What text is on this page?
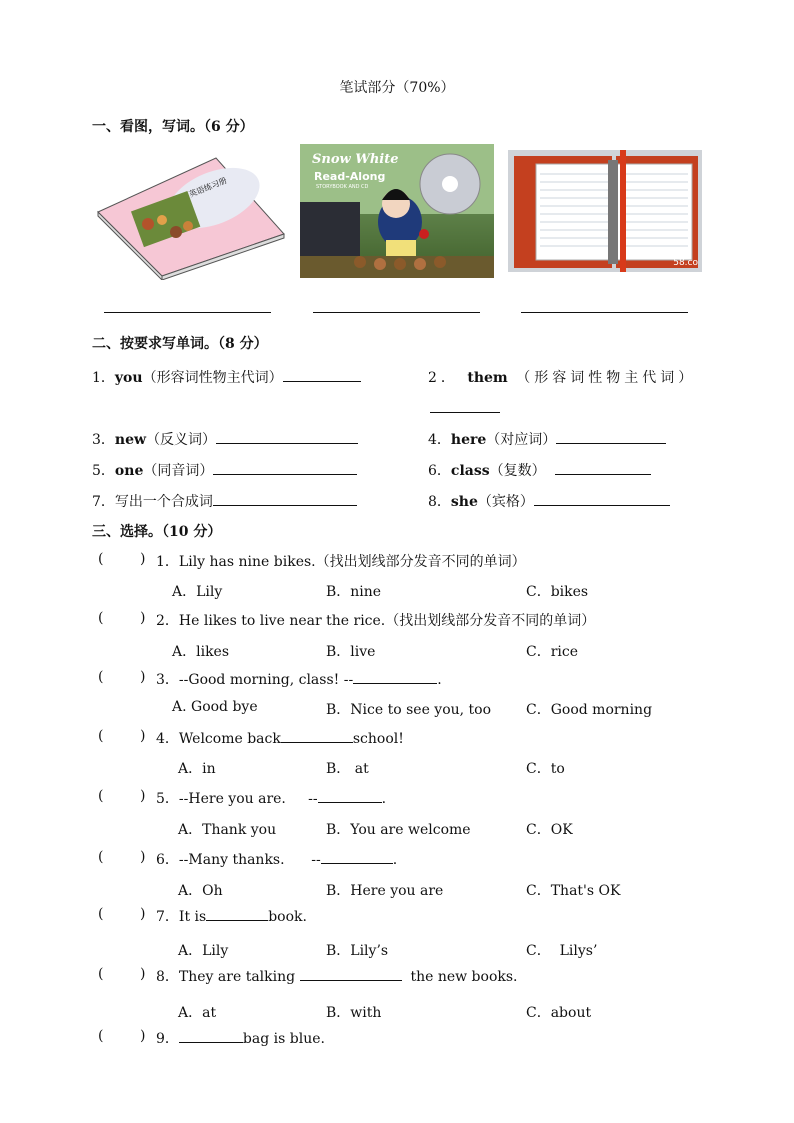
笔试部分（70%）
一、看图，写词。（6 分）
英语练习册
Snow White
Read-Along
STORYBOOK AND CD
58.co
二、按要求写单词。（8 分）
1．you（形容词性物主代词）	2． them （形容词性物主代词）
3．new（反义词）	4．here（对应词）
5．one（同音词）	6．class（复数）
7．写出一个合成词	8．she（宾格）
三、选择。（10 分）
(	) 1．Lily has nine bikes.（找出划线部分发音不同的单词）
A．Lily	B．nine	C．bikes
(	) 2．He likes to live near the rice.（找出划线部分发音不同的单词）
A．likes	B．live	C．rice
(	) 3．--Good morning, class! --	.
A. Good bye	B．Nice to see you, too C．Good morning
(	) 4．Welcome back	school!
A．in	B． at	C．to
(	) 5．--Here you are.     --	.
A．Thank you	B．You are welcome	C．OK
(	) 6．--Many thanks.      --	.
A．Oh	B．Here you are	C．That's OK
(	) 7．It is	book.
A．Lily	B．Lily’s	C．  Lilys’
(	) 8．They are talking	the new books.
A．at	B．with	C．about
(	) 9．	bag is blue.
